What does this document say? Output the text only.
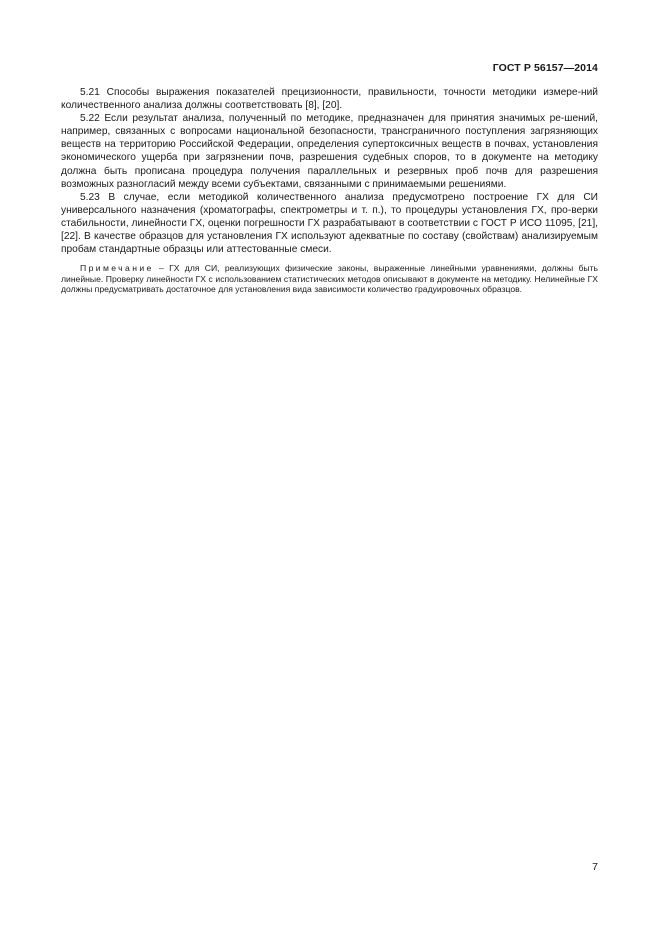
ГОСТ Р 56157—2014

5.21 Способы выражения показателей прецизионности, правильности, точности методики измере-ний количественного анализа должны соответствовать [8], [20].

5.22 Если результат анализа, полученный по методике, предназначен для принятия значимых ре-шений, например, связанных с вопросами национальной безопасности, трансграничного поступления загрязняющих веществ на территорию Российской Федерации, определения супертоксичных веществ в почвах, установления экономического ущерба при загрязнении почв, разрешения судебных споров, то в документе на методику должна быть прописана процедура получения параллельных и резервных проб почв для разрешения возможных разногласий между всеми субъектами, связанными с принимаемыми решениями.

5.23 В случае, если методикой количественного анализа предусмотрено построение ГХ для СИ универсального назначения (хроматографы, спектрометры и т. п.), то процедуры установления ГХ, про-верки стабильности, линейности ГХ, оценки погрешности ГХ разрабатывают в соответствии с ГОСТ Р ИСО 11095, [21], [22]. В качестве образцов для установления ГХ используют адекватные по составу (свойствам) анализируемым пробам стандартные образцы или аттестованные смеси.

Примечание – ГХ для СИ, реализующих физические законы, выраженные линейными уравнениями, должны быть линейные. Проверку линейности ГХ с использованием статистических методов описывают в документе на методику. Нелинейные ГХ должны предусматривать достаточное для установления вида зависимости количество градуировочных образцов.

7
